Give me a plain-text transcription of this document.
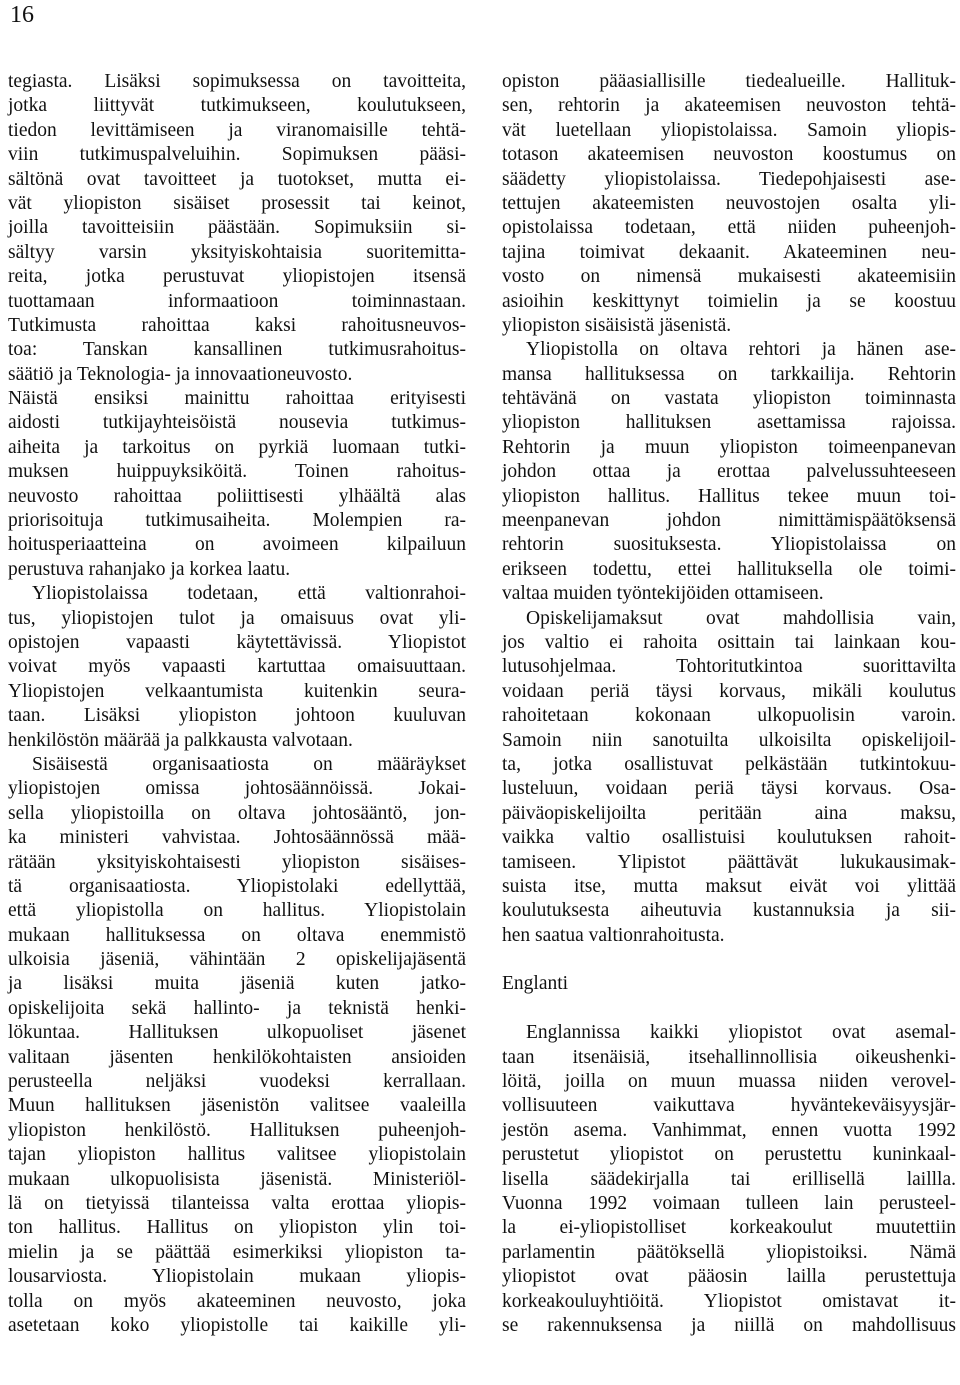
16
tegiasta. Lisäksi sopimuksessa on tavoitteita,
jotka liittyvät tutkimukseen, koulutukseen,
tiedon levittämiseen ja viranomaisille tehtä-
viin tutkimuspalveluihin. Sopimuksen pääsi-
sältönä ovat tavoitteet ja tuotokset, mutta ei-
vät yliopiston sisäiset prosessit tai keinot,
joilla tavoitteisiin päästään. Sopimuksiin si-
sältyy varsin yksityiskohtaisia suoritemitta-
reita, jotka perustuvat yliopistojen itsensä
tuottamaan informaatioon toiminnastaan.
Tutkimusta rahoittaa kaksi rahoitusneuvos-
toa: Tanskan kansallinen tutkimusrahoitus-
säätiö ja Teknologia- ja innovaationeuvosto.
Näistä ensiksi mainittu rahoittaa erityisesti
aidosti tutkijayhteisöistä nousevia tutkimus-
aiheita ja tarkoitus on pyrkiä luomaan tutki-
muksen huippuyksiköitä. Toinen rahoitus-
neuvosto rahoittaa poliittisesti ylhäältä alas
priorisoituja tutkimusaiheita. Molempien ra-
hoitusperiaatteina on avoimeen kilpailuun
perustuva rahanjako ja korkea laatu.
Yliopistolaissa todetaan, että valtionrahoi-
tus, yliopistojen tulot ja omaisuus ovat yli-
opistojen vapaasti käytettävissä. Yliopistot
voivat myös vapaasti kartuttaa omaisuuttaan.
Yliopistojen velkaantumista kuitenkin seura-
taan. Lisäksi yliopiston johtoon kuuluvan
henkilöstön määrää ja palkkausta valvotaan.
Sisäisestä organisaatiosta on määräykset
yliopistojen omissa johtosäännöissä. Jokai-
sella yliopistoilla on oltava johtosääntö, jon-
ka ministeri vahvistaa. Johtosäännössä mää-
rätään yksityiskohtaisesti yliopiston sisäises-
tä organisaatiosta. Yliopistolaki edellyttää,
että yliopistolla on hallitus. Yliopistolain
mukaan hallituksessa on oltava enemmistö
ulkoisia jäseniä, vähintään 2 opiskelijajäsentä
ja lisäksi muita jäseniä kuten jatko-
opiskelijoita sekä hallinto- ja teknistä henki-
lökuntaa. Hallituksen ulkopuoliset jäsenet
valitaan jäsenten henkilökohtaisten ansioiden
perusteella neljäksi vuodeksi kerrallaan.
Muun hallituksen jäsenistön valitsee vaaleilla
yliopiston henkilöstö. Hallituksen puheenjoh-
tajan yliopiston hallitus valitsee yliopistolain
mukaan ulkopuolisista jäsenistä. Ministeriöl-
lä on tietyissä tilanteissa valta erottaa yliopis-
ton hallitus. Hallitus on yliopiston ylin toi-
mielin ja se päättää esimerkiksi yliopiston ta-
lousarviosta. Yliopistolain mukaan yliopis-
tolla on myös akateeminen neuvosto, joka
asetetaan koko yliopistolle tai kaikille yli-
opiston pääasiallisille tiedealueille. Hallituk-
sen, rehtorin ja akateemisen neuvoston tehtä-
vät luetellaan yliopistolaissa. Samoin yliopis-
totason akateemisen neuvoston koostumus on
säädetty yliopistolaissa. Tiedepohjaisesti ase-
tettujen akateemisten neuvostojen osalta yli-
opistolaissa todetaan, että niiden puheenjoh-
tajina toimivat dekaanit. Akateeminen neu-
vosto on nimensä mukaisesti akateemisiin
asioihin keskittynyt toimielin ja se koostuu
yliopiston sisäisistä jäsenistä.
Yliopistolla on oltava rehtori ja hänen ase-
mansa hallituksessa on tarkkailija. Rehtorin
tehtävänä on vastata yliopiston toiminnasta
yliopiston hallituksen asettamissa rajoissa.
Rehtorin ja muun yliopiston toimeenpanevan
johdon ottaa ja erottaa palvelussuhteeseen
yliopiston hallitus. Hallitus tekee muun toi-
meenpanevan johdon nimittämispäätöksensä
rehtorin suosituksesta. Yliopistolaissa on
erikseen todettu, ettei hallituksella ole toimi-
valtaa muiden työntekijöiden ottamiseen.
Opiskelijamaksut ovat mahdollisia vain,
jos valtio ei rahoita osittain tai lainkaan kou-
lutusohjelmaa. Tohtoritutkintoa suorittavilta
voidaan periä täysi korvaus, mikäli koulutus
rahoitetaan kokonaan ulkopuolisin varoin.
Samoin niin sanotuilta ulkoisilta opiskelijoil-
ta, jotka osallistuvat pelkästään tutkintokuu-
lusteluun, voidaan periä täysi korvaus. Osa-
päiväopiskelijoilta peritään aina maksu,
vaikka valtio osallistuisi koulutuksen rahoit-
tamiseen. Ylipistot päättävät lukukausimak-
suista itse, mutta maksut eivät voi ylittää
koulutuksesta aiheutuvia kustannuksia ja sii-
hen saatua valtionrahoitusta.
Englanti
Englannissa kaikki yliopistot ovat asemal-
taan itsenäisiä, itsehallinnollisia oikeushenki-
löitä, joilla on muun muassa niiden verovel-
vollisuuteen vaikuttava hyväntekeväisyysjär-
jestön asema. Vanhimmat, ennen vuotta 1992
perustetut yliopistot on perustettu kuninkaal-
lisella säädekirjalla tai erillisellä laillla.
Vuonna 1992 voimaan tulleen lain perusteel-
la ei-yliopistolliset korkeakoulut muutettiin
parlamentin päätöksellä yliopistoiksi. Nämä
yliopistot ovat pääosin lailla perustettuja
korkeakouluyhtiöitä. Yliopistot omistavat it-
se rakennuksensa ja niillä on mahdollisuus
